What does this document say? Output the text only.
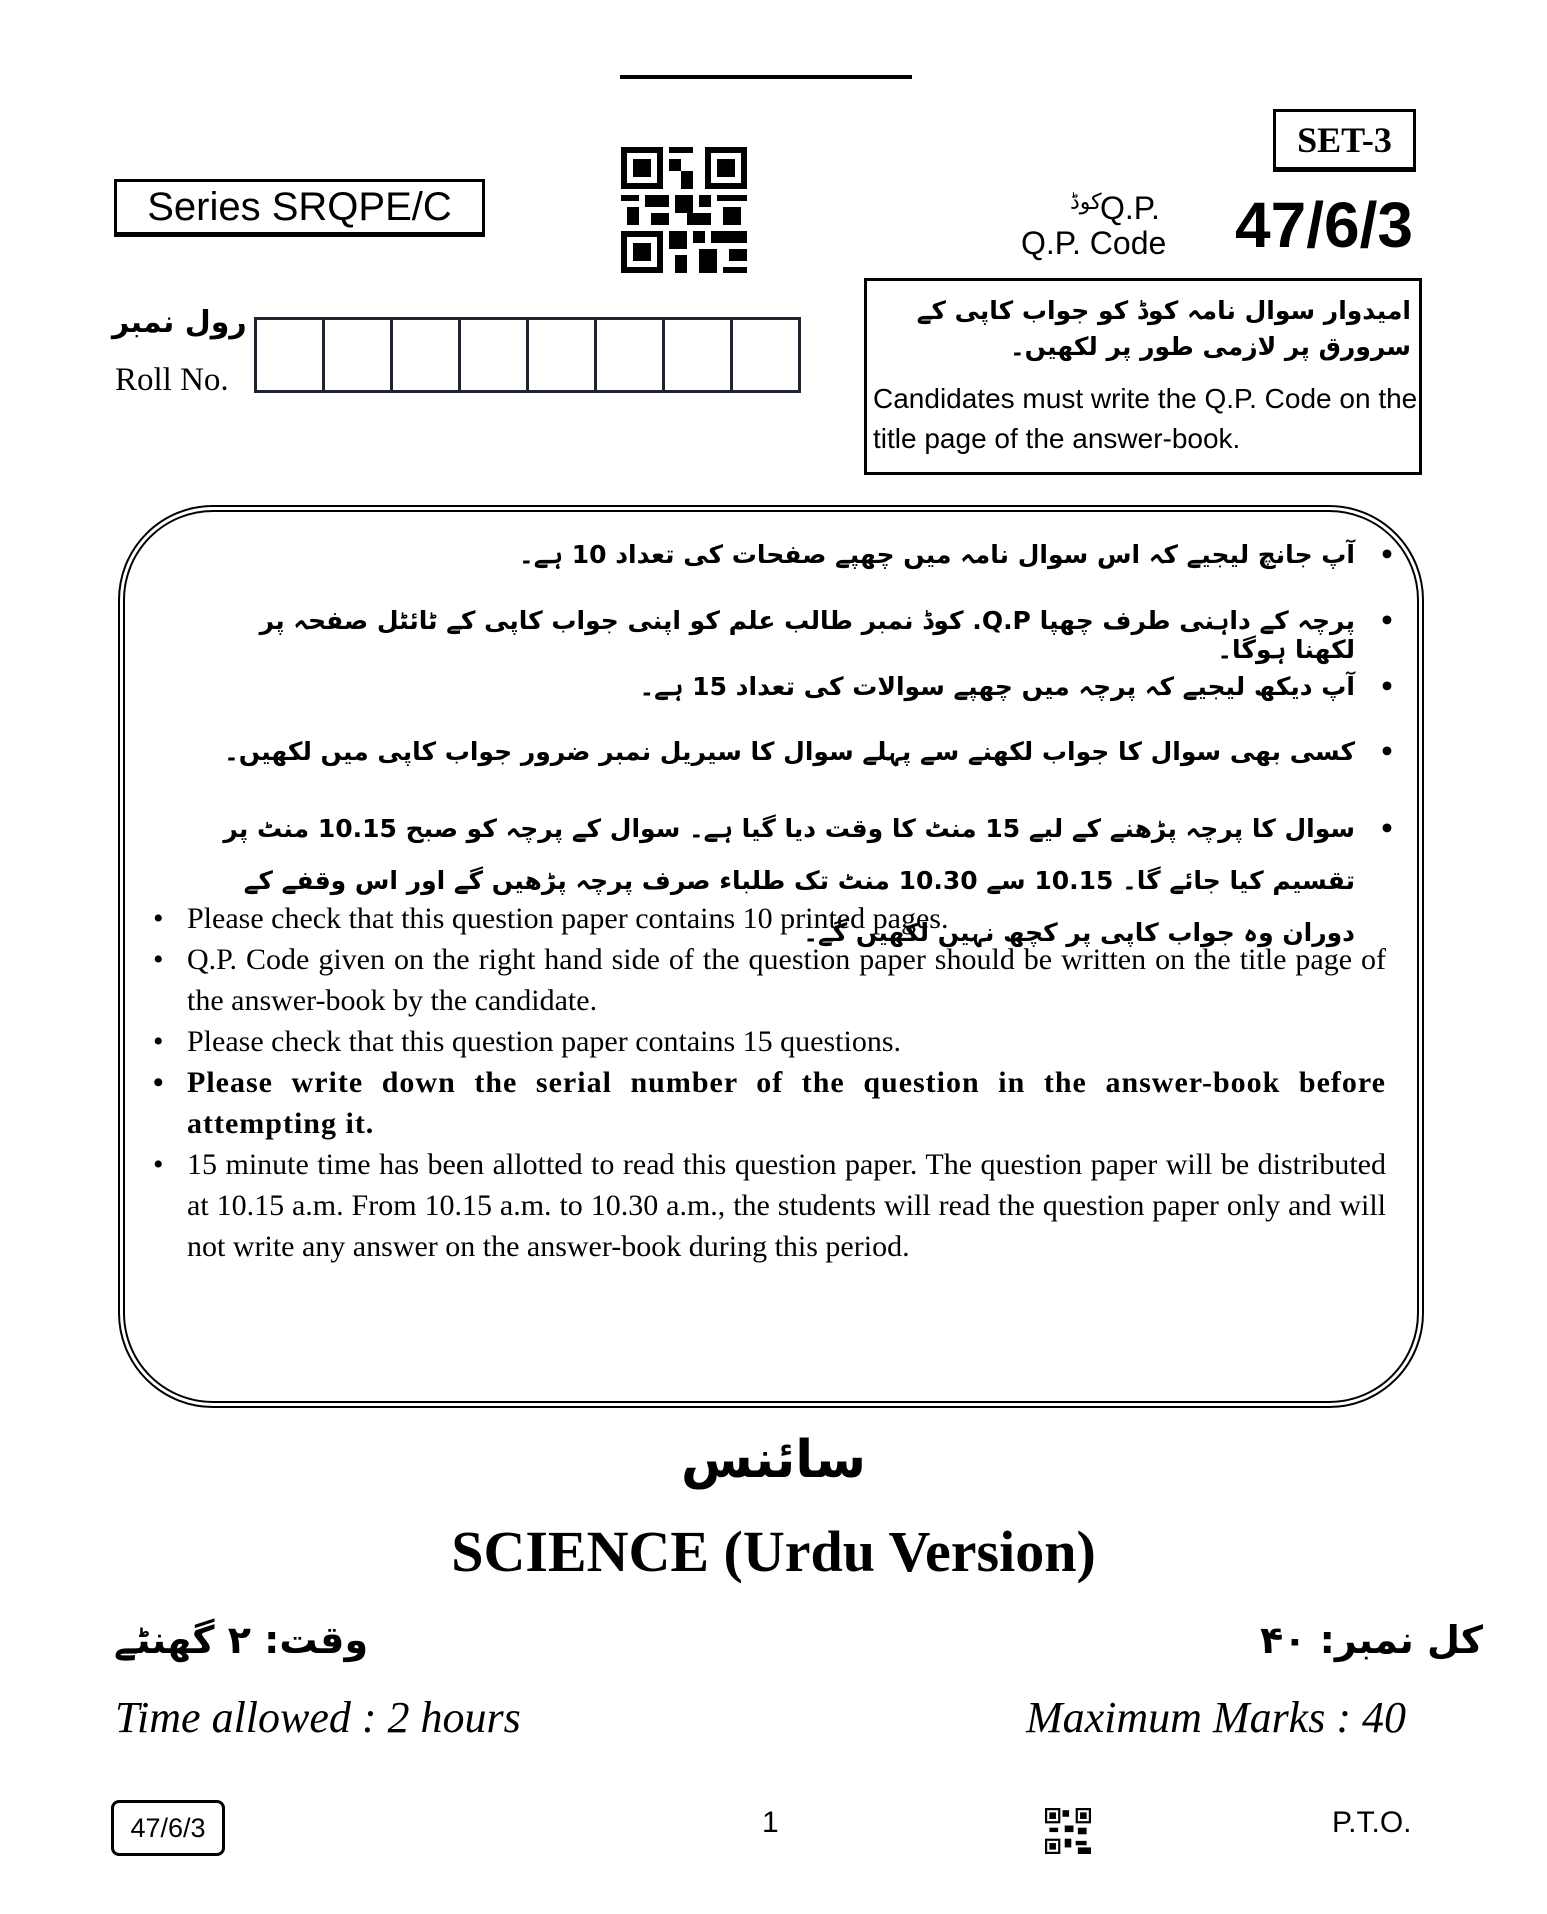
SET-3
Series SRQPE/C	کوڈ
Q.P.
Q.P. Code 47/6/3
رول نمبر
Roll No.
امیدوار سوال نامہ کوڈ کو جواب کاپی کے سرورق پر لازمی طور پر لکھیں۔
Candidates must write the Q.P. Code on the title page of the answer-book.
•
آپ جانچ لیجیے کہ اس سوال نامہ میں چھپے صفحات کی تعداد 10 ہے۔
•
پرچہ کے داہنی طرف چھپا Q.P. کوڈ نمبر طالب علم کو اپنی جواب کاپی کے ٹائٹل صفحہ پر لکھنا ہوگا۔
•
آپ دیکھ لیجیے کہ پرچہ میں چھپے سوالات کی تعداد 15 ہے۔
•
کسی بھی سوال کا جواب لکھنے سے پہلے سوال کا سیریل نمبر ضرور جواب کاپی میں لکھیں۔
•
سوال کا پرچہ پڑھنے کے لیے 15 منٹ کا وقت دیا گیا ہے۔ سوال کے پرچہ کو صبح 10.15 منٹ پر تقسیم کیا جائے گا۔ 10.15 سے 10.30 منٹ تک طلباء صرف پرچہ پڑھیں گے اور اس وقفے کے دوران وہ جواب کاپی پر کچھ نہیں لکھیں گے۔
• Please check that this question paper contains 10 printed pages.
• Q.P. Code given on the right hand side of the question paper should be written on the title page of the answer-book by the candidate.
• Please check that this question paper contains 15 questions.
• Please write down the serial number of the question in the answer-book before attempting it.
• 15 minute time has been allotted to read this question paper. The question paper will be distributed at 10.15 a.m. From 10.15 a.m. to 10.30 a.m., the students will read the question paper only and will not write any answer on the answer-book during this period.
سائنس
SCIENCE (Urdu Version)
وقت: ۲ گھنٹے	کل نمبر: ۴۰
Time allowed : 2 hours	Maximum Marks : 40
47/6/3	1	P.T.O.
